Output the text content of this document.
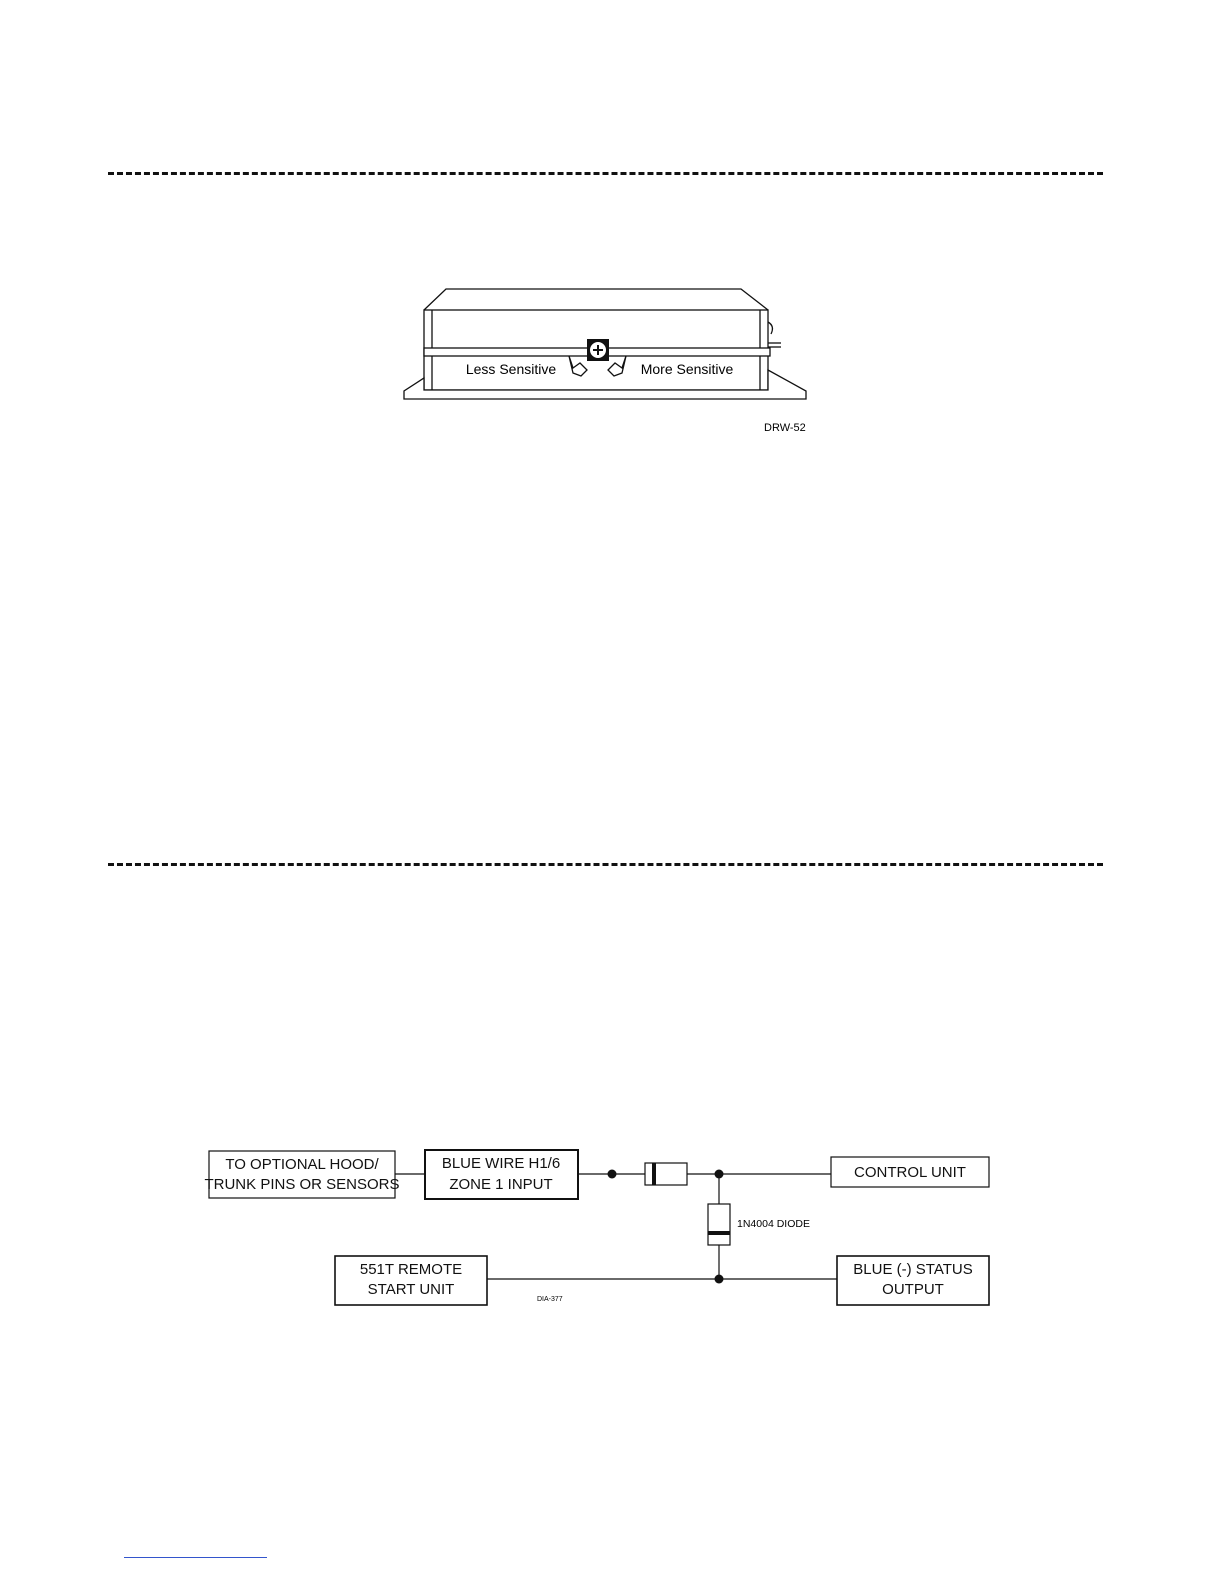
Less Sensitive	More Sensitive
DRW-52
TO OPTIONAL HOOD/
TRUNK PINS OR SENSORS
BLUE WIRE H1/6
ZONE 1 INPUT
CONTROL UNIT
551T REMOTE
START UNIT
BLUE (-) STATUS
OUTPUT
1N4004 DIODE
DIA-377
